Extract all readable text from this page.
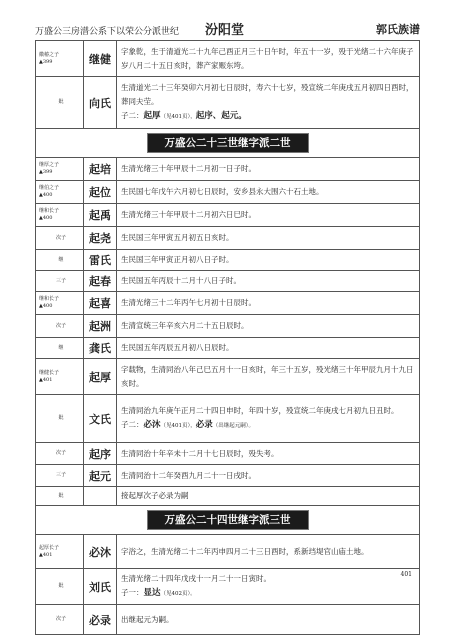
万盛公三房潽公系下以荣公分派世纪 汾阳堂	郭氏族谱
徽椿之子
▲399	继健	字象乾，生于清道光二十九年己酉正月三十日午时，年五十一岁，殁于光绪二十六年庚子岁八月二十五日亥时，葬产家赈东垮。

妣	向氏	生清道光二十三年癸卯六月初七日辰时，寿六十七岁，殁宣统二年庚戌五月初四日酉时，葬同夫茔。
子二：起厚（见401页），起序、起元。

万盛公二十三世继字派二世		

继厚之子
▲399	起培	生清光绪三十年甲辰十二月初一日子时。

继伯之子
▲400	起位	生民国七年戊午六月初七日辰时，安乡县永大围六十石土地。

继和长子
▲400	起禹	生清光绪三十年甲辰十二月初六日巳时。

次子	起尧	生民国三年甲寅五月初五日亥时。

继	雷氏	生民国三年甲寅正月初八日子时。

三子	起春	生民国五年丙辰十二月十八日子时。

继和长子
▲400	起喜	生清光绪三十二年丙午七月初十日辰时。

次子	起洲	生清宣统三年辛亥六月二十五日辰时。

继	龚氏	生民国五年丙辰五月初八日辰时。

继健长子
▲401	起厚	字载物，生清同治八年己巳五月十一日亥时，年三十五岁，殁光绪三十年甲辰九月十九日亥时。

妣	文氏	生清同治九年庚午正月二十四日申时，年四十岁，殁宣统二年庚戌七月初九日丑时。
子二：必沐（见401页），必录（出继起元嗣）。

次子	起序	生清同治十年辛未十二月十七日辰时，殁失考。

三子	起元	生清同治十二年癸酉九月二十一日戌时。

妣		接起厚次子必录为嗣

万盛公二十四世继字派三世		

起厚长子
▲401	必沐	字浴之，生清光绪二十二年丙申四月二十三日酉时，系新垱堤官山庙土地。

妣	刘氏	生清光绪二十四年戊戌十一月二十一日寅时。
子一：显达（见402页）。

次子	必录	出继起元为嗣。
401
